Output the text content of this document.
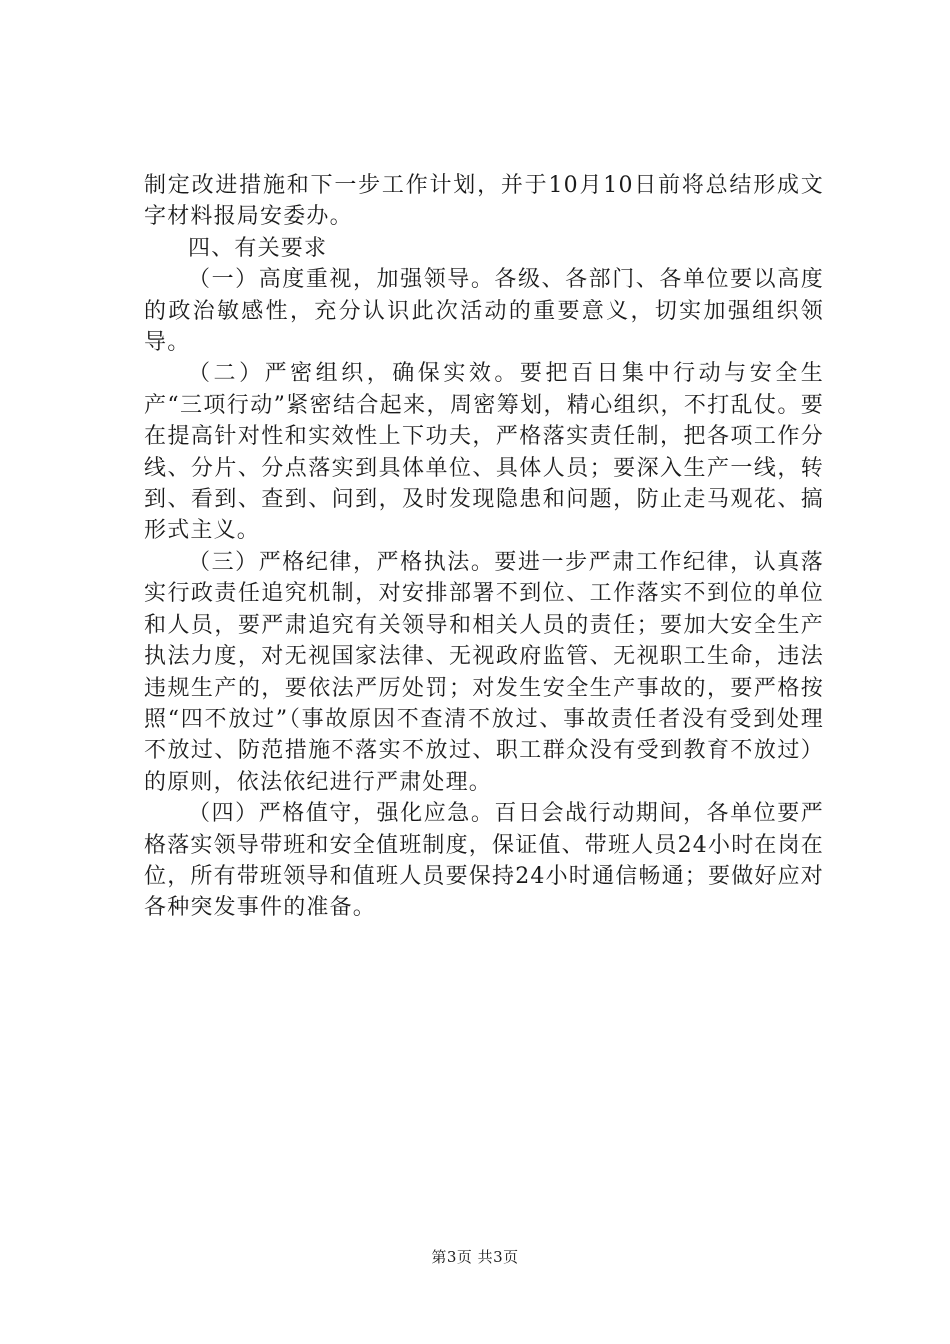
制定改进措施和下一步工作计划，并于10月10日前将总结形成文字材料报局安委办。

四、有关要求

（一）高度重视，加强领导。各级、各部门、各单位要以高度的政治敏感性，充分认识此次活动的重要意义，切实加强组织领导。

（二）严密组织，确保实效。要把百日集中行动与安全生产“三项行动”紧密结合起来，周密筹划，精心组织，不打乱仗。要在提高针对性和实效性上下功夫，严格落实责任制，把各项工作分线、分片、分点落实到具体单位、具体人员；要深入生产一线，转到、看到、查到、问到，及时发现隐患和问题，防止走马观花、搞形式主义。

（三）严格纪律，严格执法。要进一步严肃工作纪律，认真落实行政责任追究机制，对安排部署不到位、工作落实不到位的单位和人员，要严肃追究有关领导和相关人员的责任；要加大安全生产执法力度，对无视国家法律、无视政府监管、无视职工生命，违法违规生产的，要依法严厉处罚；对发生安全生产事故的，要严格按照“四不放过”（事故原因不查清不放过、事故责任者没有受到处理不放过、防范措施不落实不放过、职工群众没有受到教育不放过）的原则，依法依纪进行严肃处理。

（四）严格值守，强化应急。百日会战行动期间，各单位要严格落实领导带班和安全值班制度，保证值、带班人员24小时在岗在位，所有带班领导和值班人员要保持24小时通信畅通；要做好应对各种突发事件的准备。

第3页 共3页
